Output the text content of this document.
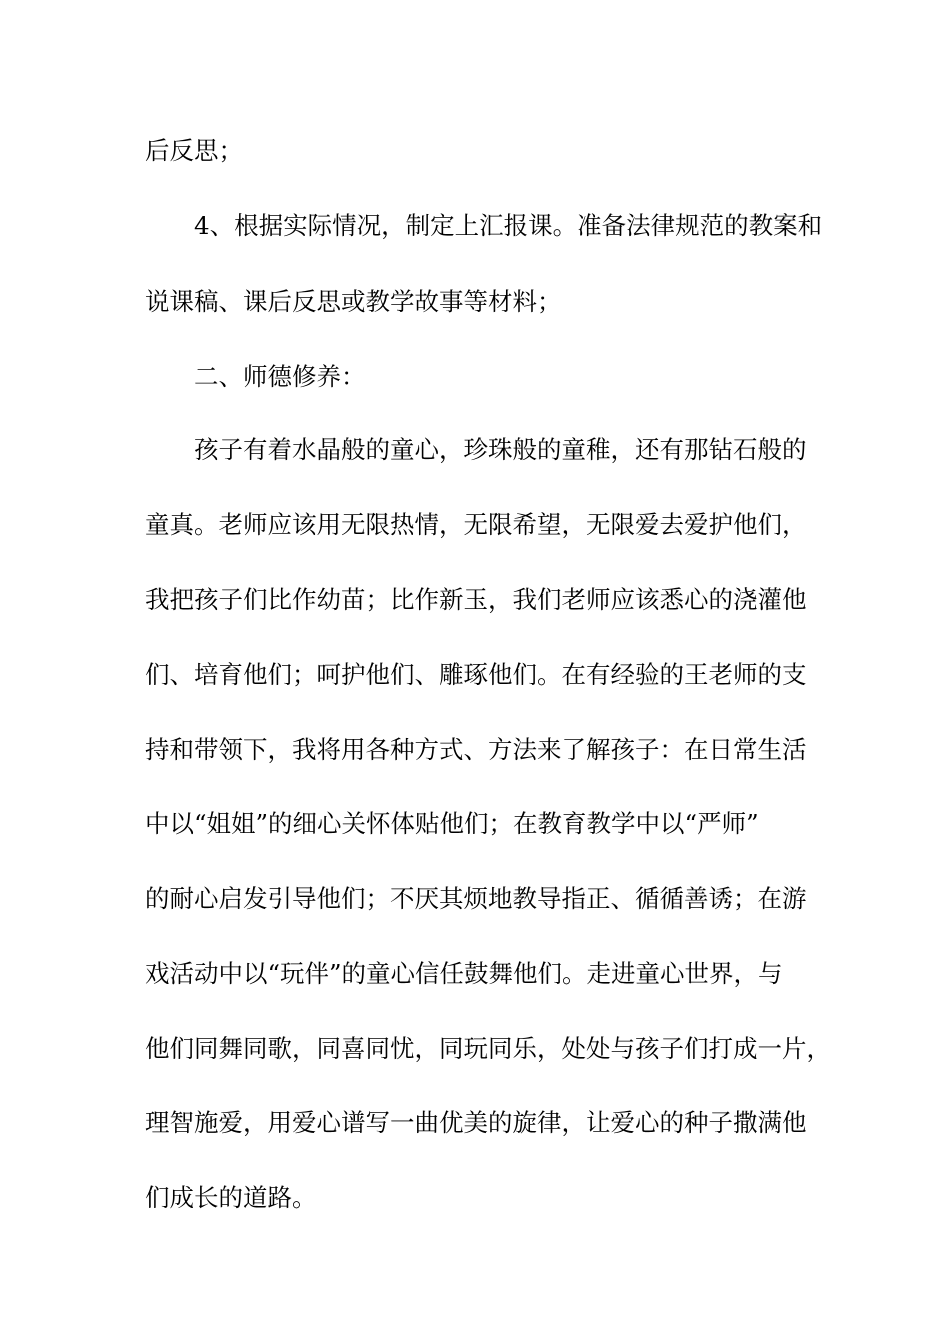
后反思；
4、根据实际情况，制定上汇报课。准备法律规范的教案和
说课稿、课后反思或教学故事等材料；
二、师德修养：
孩子有着水晶般的童心，珍珠般的童稚，还有那钻石般的
童真。老师应该用无限热情，无限希望，无限爱去爱护他们，
我把孩子们比作幼苗；比作新玉，我们老师应该悉心的浇灌他
们、培育他们；呵护他们、雕琢他们。在有经验的王老师的支
持和带领下，我将用各种方式、方法来了解孩子：在日常生活
中以“姐姐”的细心关怀体贴他们；在教育教学中以“严师”
的耐心启发引导他们；不厌其烦地教导指正、循循善诱；在游
戏活动中以“玩伴”的童心信任鼓舞他们。走进童心世界，与
他们同舞同歌，同喜同忧，同玩同乐，处处与孩子们打成一片，
理智施爱，用爱心谱写一曲优美的旋律，让爱心的种子撒满他
们成长的道路。
